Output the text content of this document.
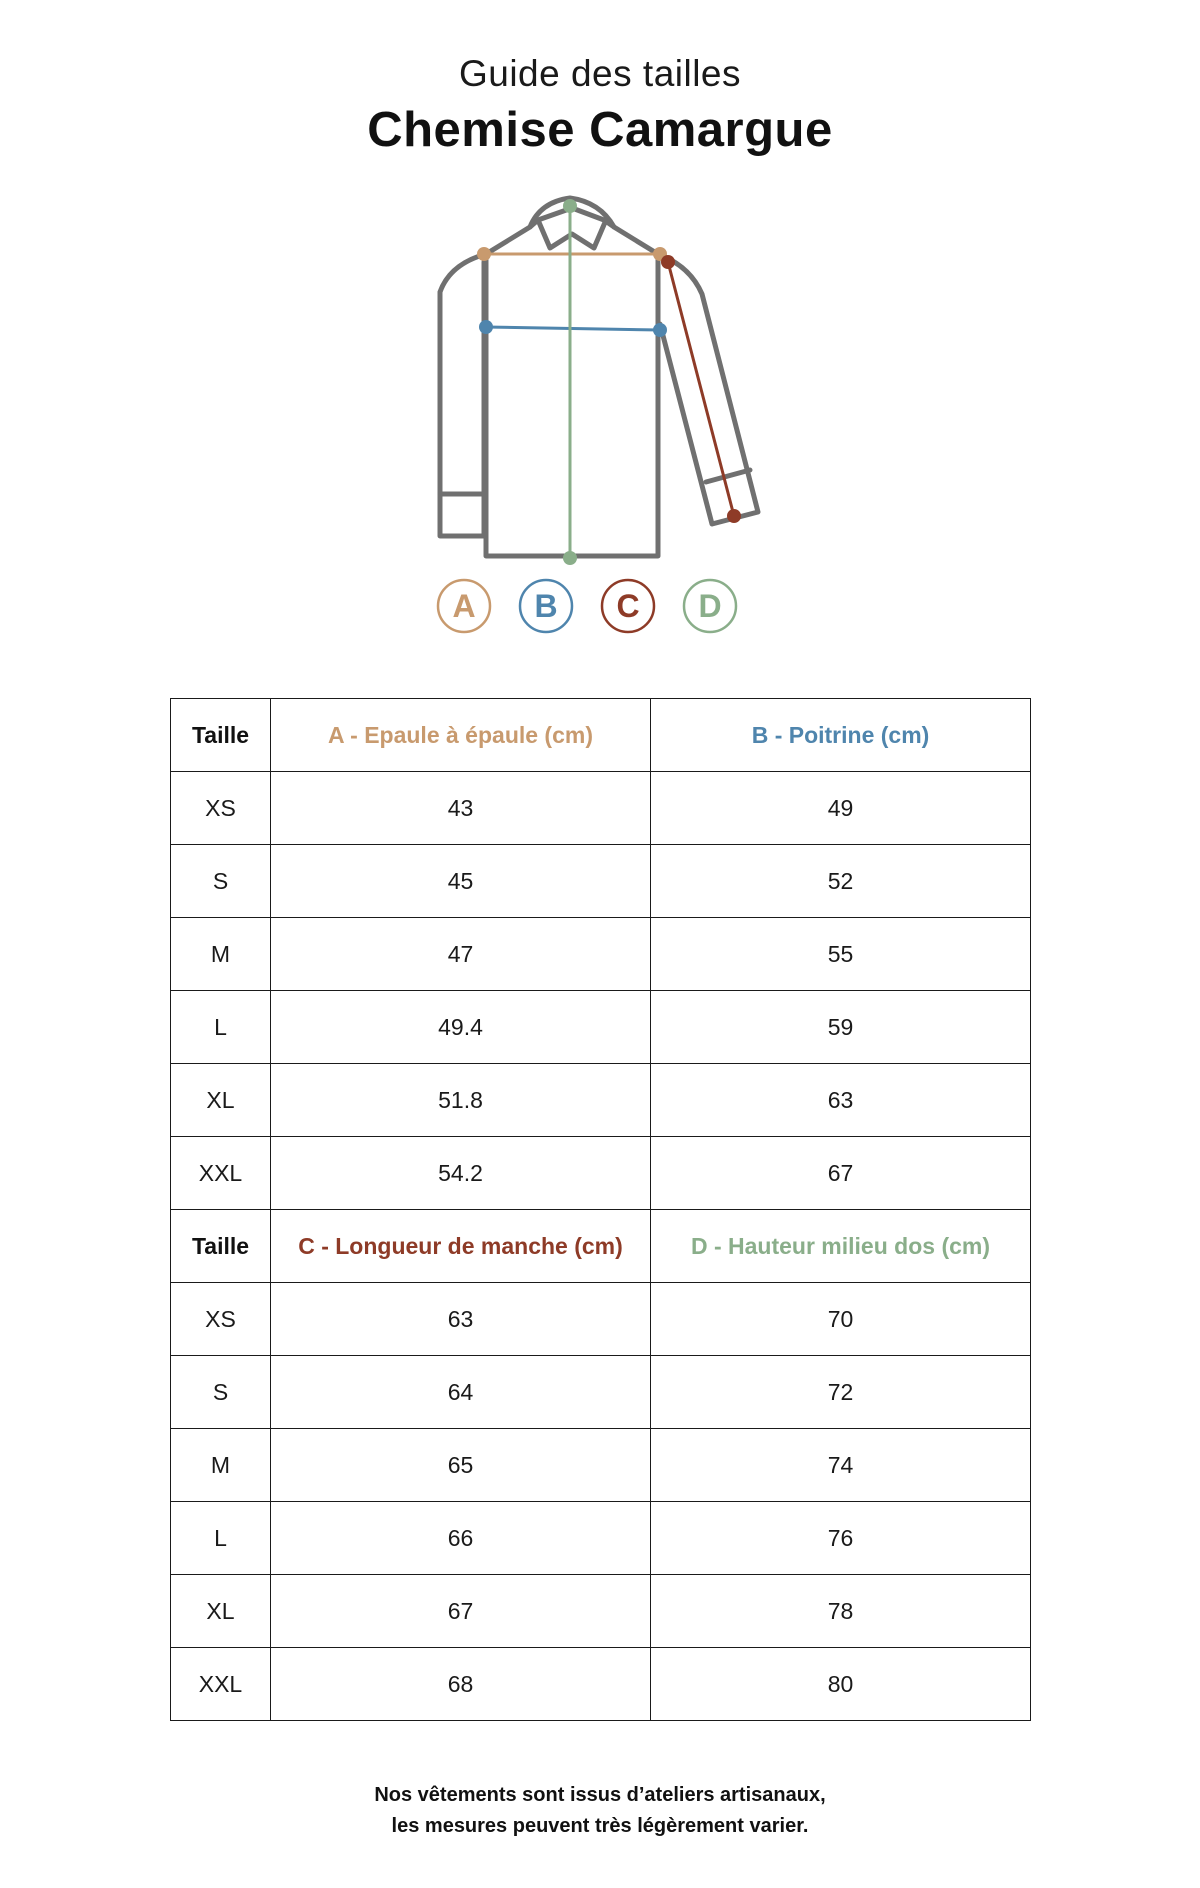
Guide des tailles
Chemise Camargue
A B C D
Taille	A - Epaule à épaule (cm)	B - Poitrine (cm)
XS	43	49
S	45	52
M	47	55
L	49.4	59
XL	51.8	63
XXL	54.2	67
Taille	C - Longueur de manche (cm)	D - Hauteur milieu dos (cm)
XS	63	70
S	64	72
M	65	74
L	66	76
XL	67	78
XXL	68	80
Nos vêtements sont issus d’ateliers artisanaux,
les mesures peuvent très légèrement varier.
